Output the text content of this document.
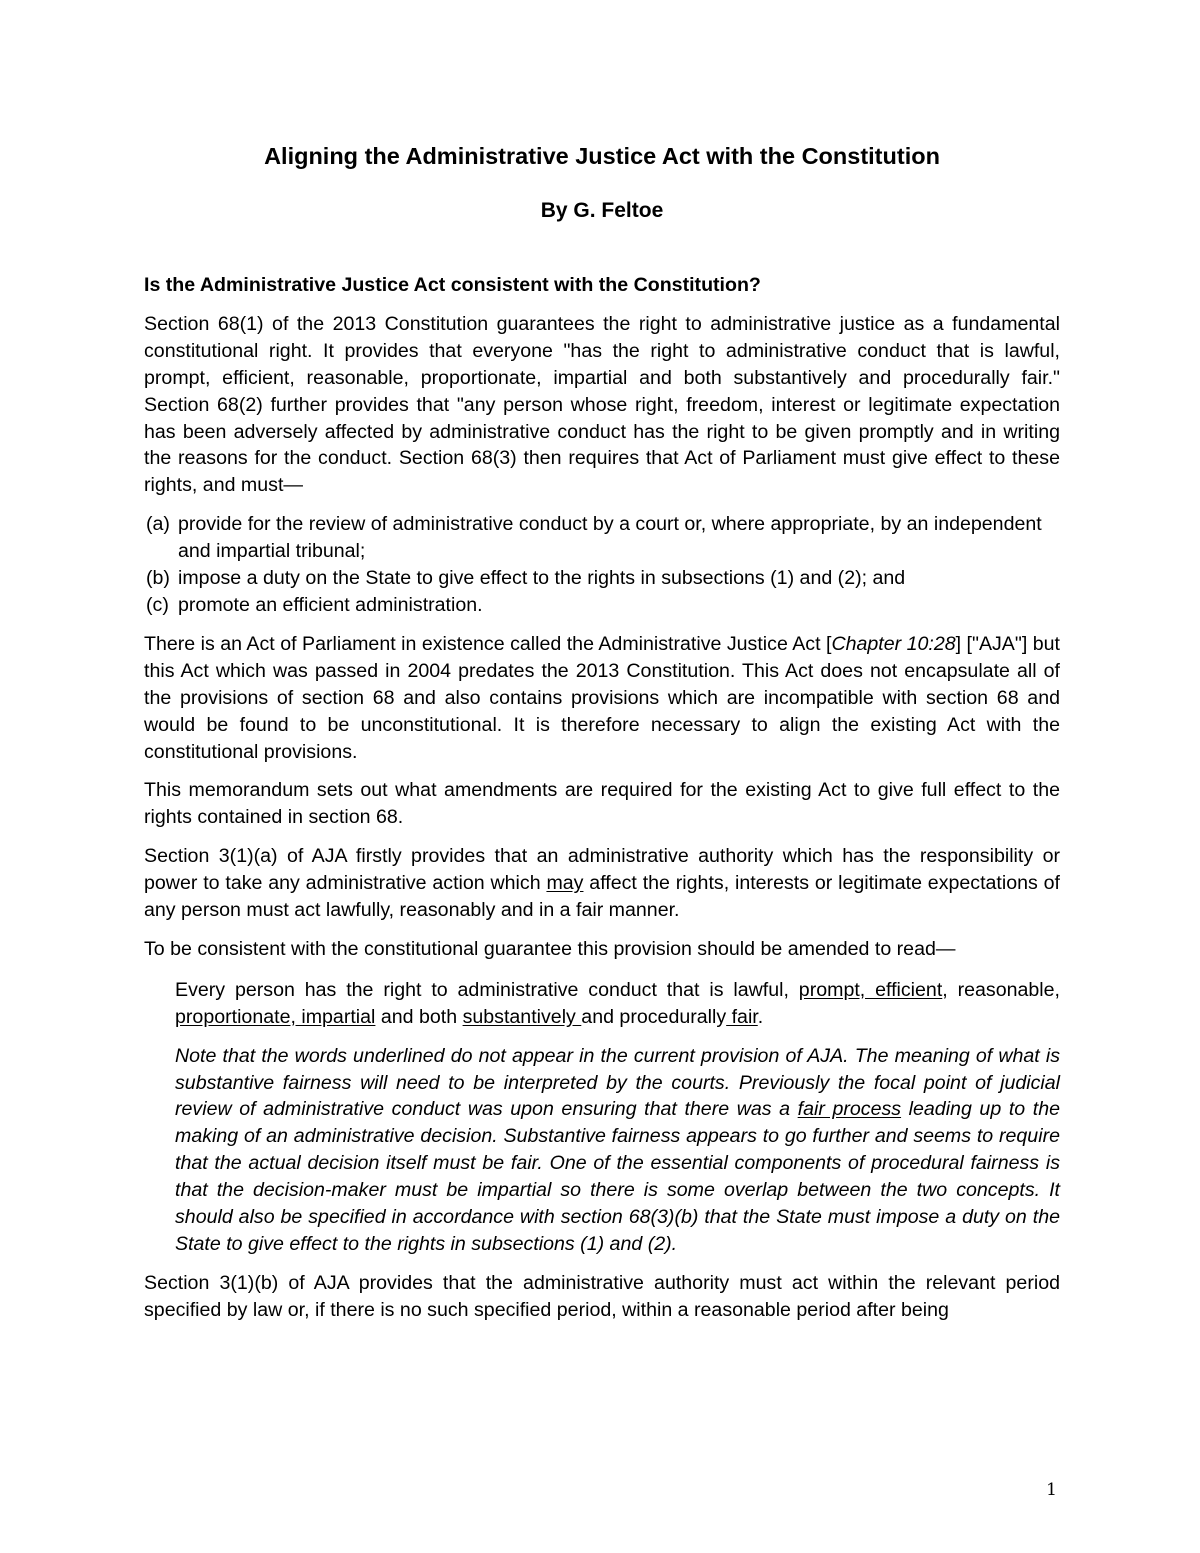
Aligning the Administrative Justice Act with the Constitution

By G. Feltoe

Is the Administrative Justice Act consistent with the Constitution?

Section 68(1) of the 2013 Constitution guarantees the right to administrative justice as a fundamental constitutional right. It provides that everyone "has the right to administrative conduct that is lawful, prompt, efficient, reasonable, proportionate, impartial and both substantively and procedurally fair." Section 68(2) further provides that "any person whose right, freedom, interest or legitimate expectation has been adversely affected by administrative conduct has the right to be given promptly and in writing the reasons for the conduct. Section 68(3) then requires that Act of Parliament must give effect to these rights, and must—

(a) provide for the review of administrative conduct by a court or, where appropriate, by an independent and impartial tribunal;
(b) impose a duty on the State to give effect to the rights in subsections (1) and (2); and
(c) promote an efficient administration.

There is an Act of Parliament in existence called the Administrative Justice Act [Chapter 10:28] ["AJA"] but this Act which was passed in 2004 predates the 2013 Constitution. This Act does not encapsulate all of the provisions of section 68 and also contains provisions which are incompatible with section 68 and would be found to be unconstitutional. It is therefore necessary to align the existing Act with the constitutional provisions.

This memorandum sets out what amendments are required for the existing Act to give full effect to the rights contained in section 68.

Section 3(1)(a) of AJA firstly provides that an administrative authority which has the responsibility or power to take any administrative action which may affect the rights, interests or legitimate expectations of any person must act lawfully, reasonably and in a fair manner.

To be consistent with the constitutional guarantee this provision should be amended to read—

Every person has the right to administrative conduct that is lawful, prompt, efficient, reasonable, proportionate, impartial and both substantively and procedurally fair.

Note that the words underlined do not appear in the current provision of AJA. The meaning of what is substantive fairness will need to be interpreted by the courts. Previously the focal point of judicial review of administrative conduct was upon ensuring that there was a fair process leading up to the making of an administrative decision. Substantive fairness appears to go further and seems to require that the actual decision itself must be fair. One of the essential components of procedural fairness is that the decision-maker must be impartial so there is some overlap between the two concepts. It should also be specified in accordance with section 68(3)(b) that the State must impose a duty on the State to give effect to the rights in subsections (1) and (2).

Section 3(1)(b) of AJA provides that the administrative authority must act within the relevant period specified by law or, if there is no such specified period, within a reasonable period after being

1
